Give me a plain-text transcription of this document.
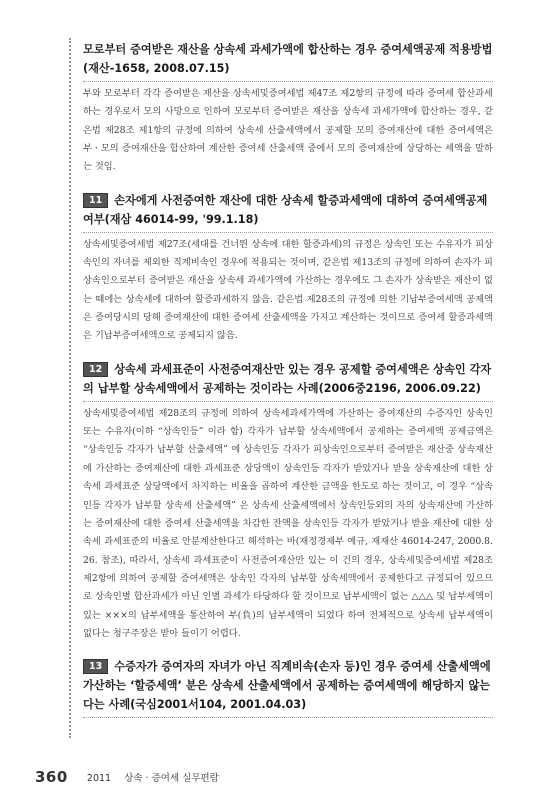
모로부터 증여받은 재산을 상속세 과세가액에 합산하는 경우 증여세액공제 적용방법(재산-1658, 2008.07.15)

부와 모로부터 각각 증여받은 재산을 상속세및증여세법 제47조 제2항의 규정에 따라 증여세 합산과세하는 경우로서 모의 사망으로 인하여 모로부터 증여받은 재산을 상속세 과세가액에 합산하는 경우, 같은법 제28조 제1항의 규정에 의하여 상속세 산출세액에서 공제할 모의 증여재산에 대한 증여세액은 부ㆍ모의 증여재산을 합산하여 계산한 증여세 산출세액 중에서 모의 증여재산에 상당하는 세액을 말하는 것임.

11 손자에게 사전증여한 재산에 대한 상속세 할증과세액에 대하여 증여세액공제 여부(재삼 46014-99, '99.1.18)

상속세및증여세법 제27조(세대를 건너뛴 상속에 대한 할증과세)의 규정은 상속인 또는 수유자가 피상속인의 자녀를 제외한 직계비속인 경우에 적용되는 것이며, 같은법 제13조의 규정에 의하여 손자가 피상속인으로부터 증여받은 재산을 상속세 과세가액에 가산하는 경우에도 그 손자가 상속받은 재산이 없는 때에는 상속세에 대하여 할증과세하지 않음. 같은법 제28조의 규정에 의한 기납부증여세액 공제액은 증여당시의 당해 증여재산에 대한 증여세 산출세액을 가지고 계산하는 것이므로 증여세 할증과세액은 기납부증여세액으로 공제되지 않음.

12 상속세 과세표준이 사전증여재산만 있는 경우 공제할 증여세액은 상속인 각자의 납부할 상속세액에서 공제하는 것이라는 사례(2006중2196, 2006.09.22)

상속세및증여세법 제28조의 규정에 의하여 상속세과세가액에 가산하는 증여재산의 수증자인 상속인 또는 수유자(이하 “상속인등” 이라 함) 각자가 납부할 상속세액에서 공제하는 증여세액 공제금액은 “상속인등 각자가 납부할 산출세액” 에 상속인등 각자가 피상속인으로부터 증여받은 재산중 상속재산에 가산하는 증여재산에 대한 과세표준 상당액이 상속인등 각자가 받았거나 받을 상속재산에 대한 상속세 과세표준 상당액에서 차지하는 비율을 곱하여 계산한 금액을 한도로 하는 것이고, 이 경우 “상속인등 각자가 납부할 상속세 산출세액” 은 상속세 산출세액에서 상속인등외의 자의 상속재산에 가산하는 증여재산에 대한 증여세 산출세액을 차감한 잔액을 상속인등 각자가 받았거나 받을 재산에 대한 상속세 과세표준의 비율로 안분계산한다고 해석하는 바(재정경제부 예규, 재재산 46014-247, 2000.8.26. 참조), 따라서, 상속세 과세표준이 사전증여재산만 있는 이 건의 경우, 상속세및증여세법 제28조 제2항에 의하여 공제할 증여세액은 상속인 각자의 납부할 상속세액에서 공제한다고 규정되어 있으므로 상속인별 합산과세가 아닌 인별 과세가 타당하다 할 것이므로 납부세액이 없는 △△△ 및 납부세액이 있는 ×××의 납부세액을 통산하여 부(負)의 납부세액이 되었다 하여 전체적으로 상속세 납부세액이 없다는 청구주장은 받아 들이기 어렵다.

13 수증자가 증여자의 자녀가 아닌 직계비속(손자 등)인 경우 증여세 산출세액에 가산하는 ‘할증세액’ 분은 상속세 산출세액에서 공제하는 증여세액에 해당하지 않는다는 사례(국심2001서104, 2001.04.03)

360 2011 상속 · 증여세 실무편람
